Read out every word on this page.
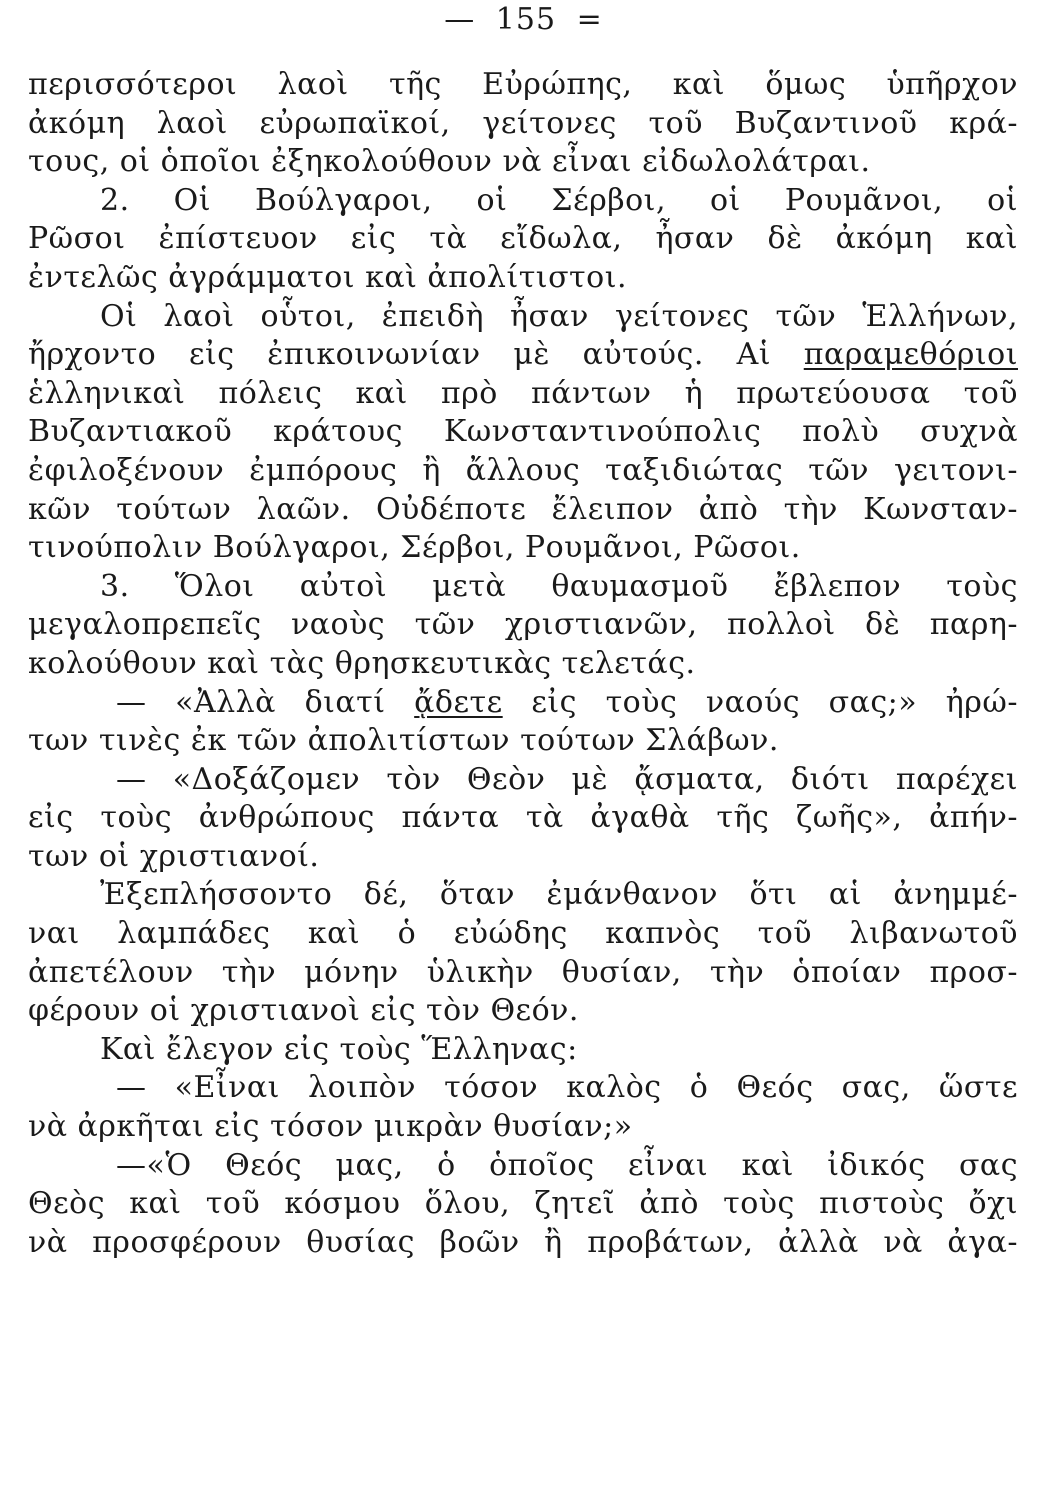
— 155 =
περισσότεροι λαοὶ τῆς Εὐρώπης, καὶ ὅμως ὑπῆρχον
ἀκόμη λαοὶ εὐρωπαϊκοί, γείτονες τοῦ Βυζαντινοῦ κρά-
τους, οἱ ὁποῖοι ἐξηκολούθουν νὰ εἶναι εἰδωλολάτραι.
2. Οἱ Βούλγαροι, οἱ Σέρβοι, οἱ Ρουμᾶνοι, οἱ
Ρῶσοι ἐπίστευον εἰς τὰ εἴδωλα, ἦσαν δὲ ἀκόμη καὶ
ἐντελῶς ἀγράμματοι καὶ ἀπολίτιστοι.
Οἱ λαοὶ οὗτοι, ἐπειδὴ ἦσαν γείτονες τῶν Ἑλλήνων,
ἤρχοντο εἰς ἐπικοινωνίαν μὲ αὐτούς. Αἱ παραμεθόριοι
ἑλληνικαὶ πόλεις καὶ πρὸ πάντων ἡ πρωτεύουσα τοῦ
Βυζαντιακοῦ κράτους Κωνσταντινούπολις πολὺ συχνὰ
ἐφιλοξένουν ἐμπόρους ἢ ἄλλους ταξιδιώτας τῶν γειτονι-
κῶν τούτων λαῶν. Οὐδέποτε ἔλειπον ἀπὸ τὴν Κωνσταν-
τινούπολιν Βούλγαροι, Σέρβοι, Ρουμᾶνοι, Ρῶσοι.
3. Ὅλοι αὐτοὶ μετὰ θαυμασμοῦ ἔβλεπον τοὺς
μεγαλοπρεπεῖς ναοὺς τῶν χριστιανῶν, πολλοὶ δὲ παρη-
κολούθουν καὶ τὰς θρησκευτικὰς τελετάς.
— «Ἀλλὰ διατί ᾄδετε εἰς τοὺς ναούς σας;» ἠρώ-
των τινὲς ἐκ τῶν ἀπολιτίστων τούτων Σλάβων.
— «Δοξάζομεν τὸν Θεὸν μὲ ᾄσματα, διότι παρέχει
εἰς τοὺς ἀνθρώπους πάντα τὰ ἀγαθὰ τῆς ζωῆς», ἀπήν-
των οἱ χριστιανοί.
Ἐξεπλήσσοντο δέ, ὅταν ἐμάνθανον ὅτι αἱ ἀνημμέ-
ναι λαμπάδες καὶ ὁ εὐώδης καπνὸς τοῦ λιβανωτοῦ
ἀπετέλουν τὴν μόνην ὑλικὴν θυσίαν, τὴν ὁποίαν προσ-
φέρουν οἱ χριστιανοὶ εἰς τὸν Θεόν.
Καὶ ἔλεγον εἰς τοὺς Ἕλληνας:
— «Εἶναι λοιπὸν τόσον καλὸς ὁ Θεός σας, ὥστε
νὰ ἀρκῆται εἰς τόσον μικρὰν θυσίαν;»
—«Ὁ Θεός μας, ὁ ὁποῖος εἶναι καὶ ἰδικός σας
Θεὸς καὶ τοῦ κόσμου ὅλου, ζητεῖ ἀπὸ τοὺς πιστοὺς ὄχι
νὰ προσφέρουν θυσίας βοῶν ἢ προβάτων, ἀλλὰ νὰ ἀγα-
